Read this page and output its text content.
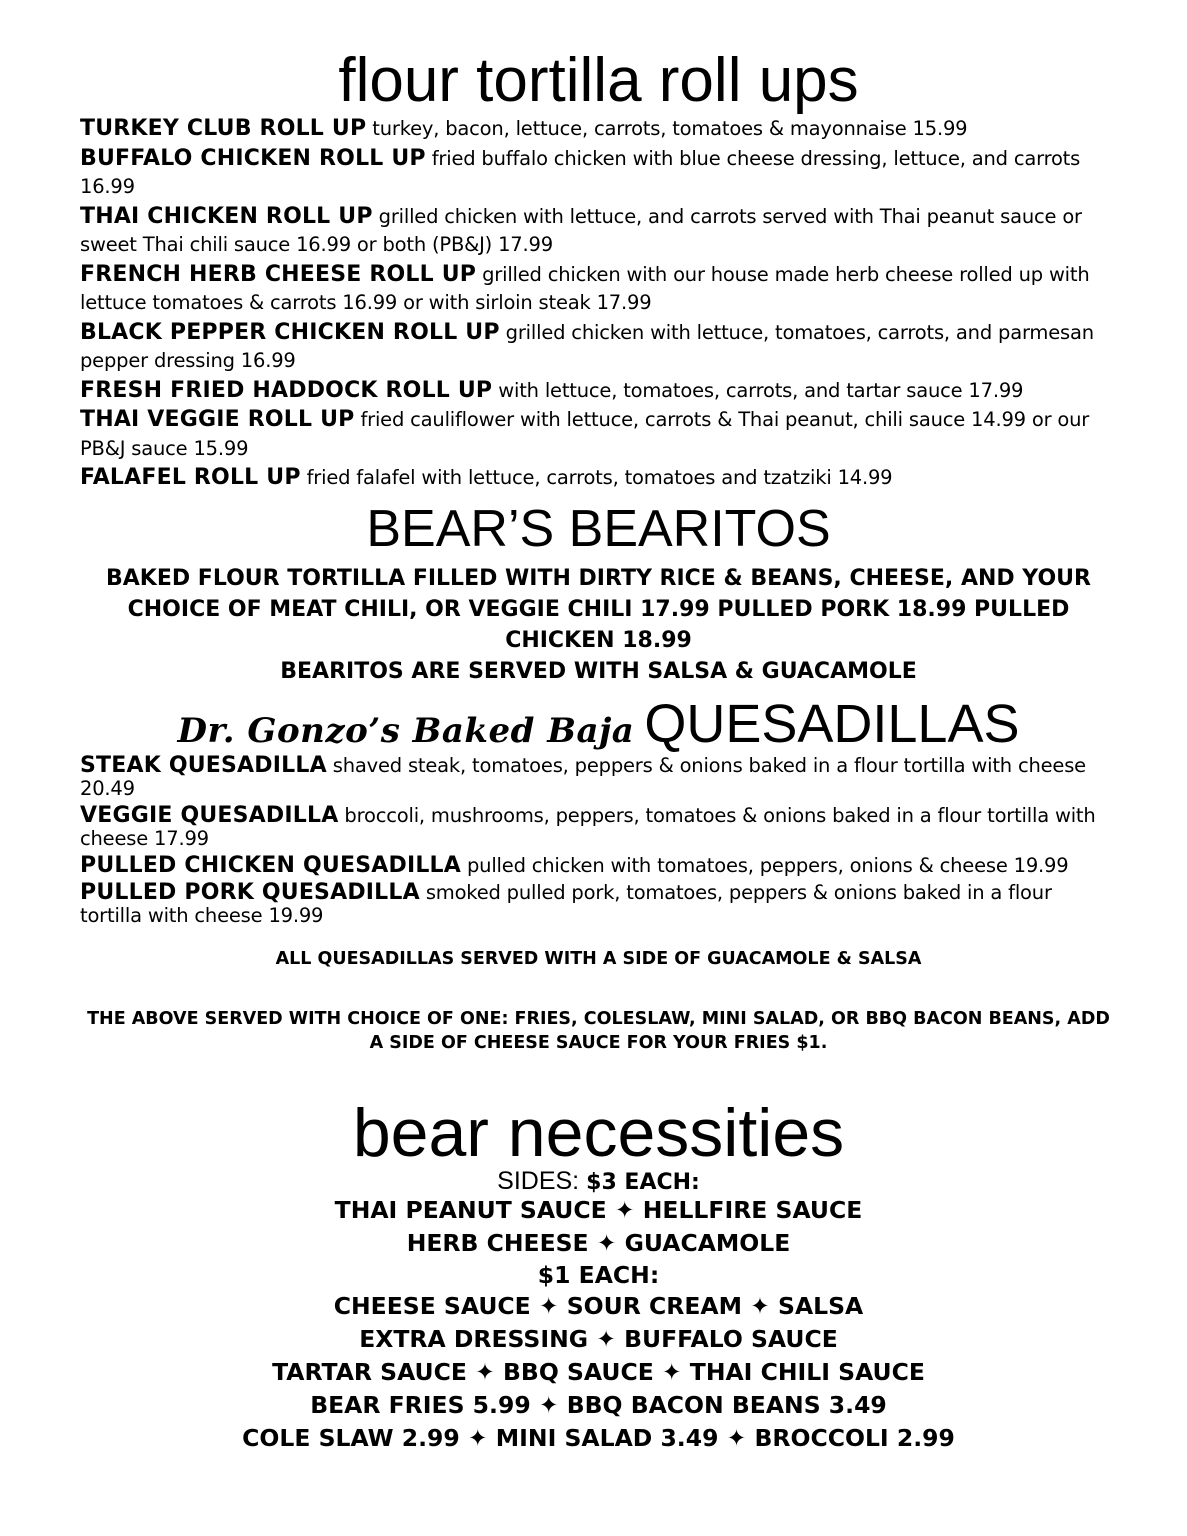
flour tortilla roll ups

TURKEY CLUB ROLL UP turkey, bacon, lettuce, carrots, tomatoes & mayonnaise 15.99

BUFFALO CHICKEN ROLL UP fried buffalo chicken with blue cheese dressing, lettuce, and carrots 16.99

THAI CHICKEN ROLL UP grilled chicken with lettuce, and carrots served with Thai peanut sauce or sweet Thai chili sauce 16.99 or both (PB&J) 17.99

FRENCH HERB CHEESE ROLL UP grilled chicken with our house made herb cheese rolled up with lettuce tomatoes & carrots 16.99 or with sirloin steak 17.99

BLACK PEPPER CHICKEN ROLL UP grilled chicken with lettuce, tomatoes, carrots, and parmesan pepper dressing 16.99

FRESH FRIED HADDOCK ROLL UP with lettuce, tomatoes, carrots, and tartar sauce 17.99

THAI VEGGIE ROLL UP fried cauliflower with lettuce, carrots & Thai peanut, chili sauce 14.99 or our PB&J sauce 15.99

FALAFEL ROLL UP fried falafel with lettuce, carrots, tomatoes and tzatziki 14.99

BEAR’S BEARITOS
BAKED FLOUR TORTILLA FILLED WITH DIRTY RICE & BEANS, CHEESE, AND YOUR CHOICE OF MEAT CHILI, OR VEGGIE CHILI 17.99 PULLED PORK 18.99 PULLED CHICKEN 18.99
BEARITOS ARE SERVED WITH SALSA & GUACAMOLE
Dr. Gonzo’s Baked Baja QUESADILLAS

STEAK QUESADILLA shaved steak, tomatoes, peppers & onions baked in a flour tortilla with cheese 20.49

VEGGIE QUESADILLA broccoli, mushrooms, peppers, tomatoes & onions baked in a flour tortilla with cheese 17.99

PULLED CHICKEN QUESADILLA pulled chicken with tomatoes, peppers, onions & cheese 19.99

PULLED PORK QUESADILLA smoked pulled pork, tomatoes, peppers & onions baked in a flour tortilla with cheese 19.99

ALL QUESADILLAS SERVED WITH A SIDE OF GUACAMOLE & SALSA
THE ABOVE SERVED WITH CHOICE OF ONE: FRIES, COLESLAW, MINI SALAD, OR BBQ BACON BEANS, ADD A SIDE OF CHEESE SAUCE FOR YOUR FRIES $1.
bear necessities
SIDES: $3 EACH:
THAI PEANUT SAUCE ✦ HELLFIRE SAUCE
HERB CHEESE ✦ GUACAMOLE
$1 EACH:
CHEESE SAUCE ✦ SOUR CREAM ✦ SALSA
EXTRA DRESSING ✦ BUFFALO SAUCE
TARTAR SAUCE ✦ BBQ SAUCE ✦ THAI CHILI SAUCE
BEAR FRIES 5.99 ✦ BBQ BACON BEANS 3.49
COLE SLAW 2.99 ✦ MINI SALAD 3.49 ✦ BROCCOLI 2.99
